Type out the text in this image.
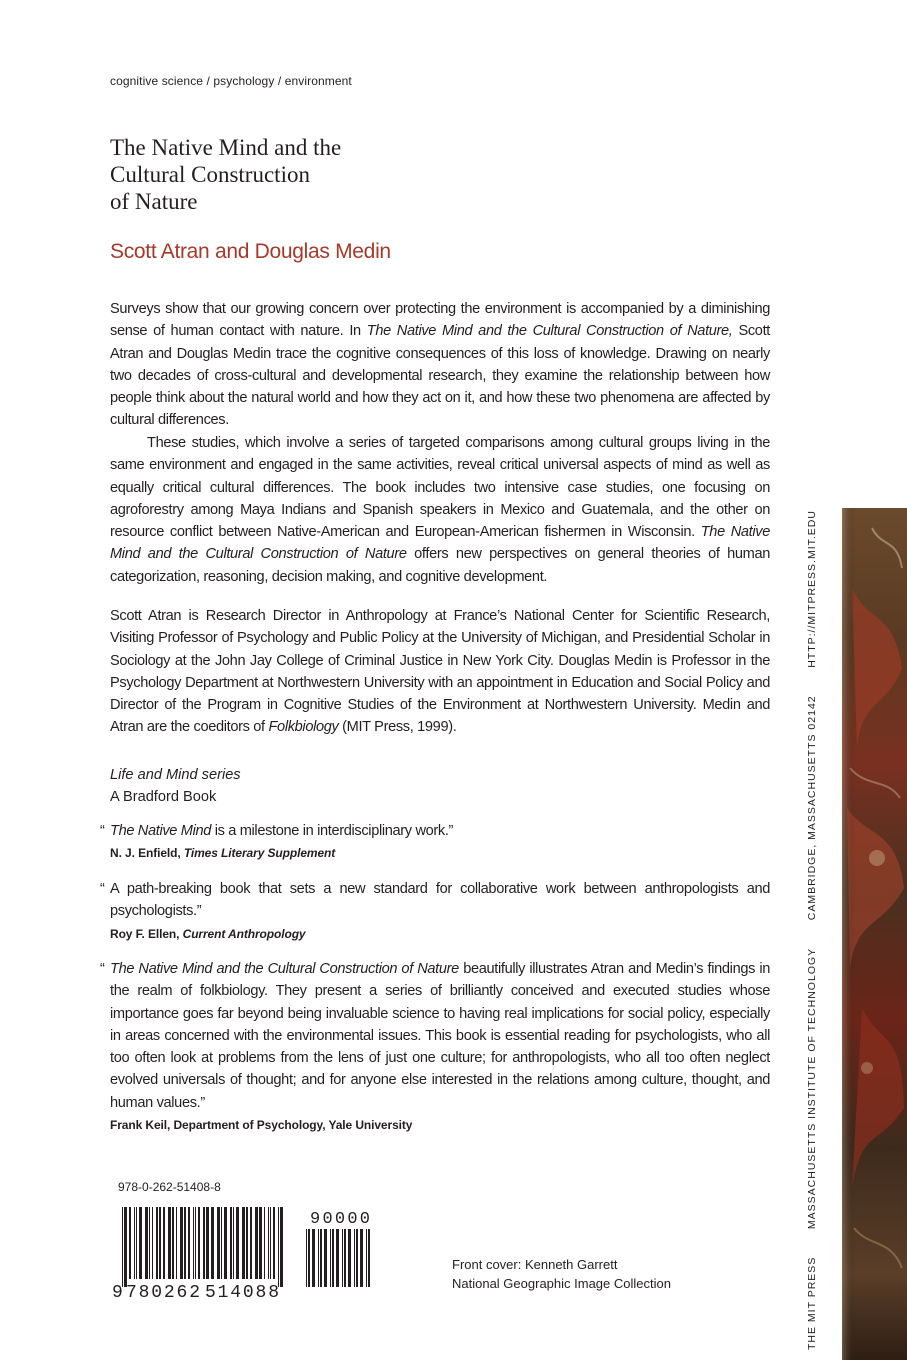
cognitive science / psychology / environment
The Native Mind and the
Cultural Construction
of Nature
Scott Atran and Douglas Medin
Surveys show that our growing concern over protecting the environment is accompanied by a diminishing sense of human contact with nature. In The Native Mind and the Cultural Construction of Nature, Scott Atran and Douglas Medin trace the cognitive consequences of this loss of knowledge. Drawing on nearly two decades of cross-cultural and developmental research, they examine the relationship between how people think about the natural world and how they act on it, and how these two phenomena are affected by cultural differences.
These studies, which involve a series of targeted comparisons among cultural groups living in the same environment and engaged in the same activities, reveal critical universal aspects of mind as well as equally critical cultural differences. The book includes two intensive case studies, one focusing on agroforestry among Maya Indians and Spanish speakers in Mexico and Guatemala, and the other on resource conflict between Native-American and European-American fishermen in Wisconsin. The Native Mind and the Cultural Construction of Nature offers new perspectives on general theories of human categorization, reasoning, decision making, and cognitive development.
Scott Atran is Research Director in Anthropology at France’s National Center for Scientific Research, Visiting Professor of Psychology and Public Policy at the University of Michigan, and Presidential Scholar in Sociology at the John Jay College of Criminal Justice in New York City. Douglas Medin is Professor in the Psychology Department at Northwestern University with an appointment in Education and Social Policy and Director of the Program in Cognitive Studies of the Environment at Northwestern University. Medin and Atran are the coeditors of Folkbiology (MIT Press, 1999).
Life and Mind series
A Bradford Book
“ The Native Mind is a milestone in interdisciplinary work.”
N. J. Enfield, Times Literary Supplement
“ A path-breaking book that sets a new standard for collaborative work between anthropologists and psychologists.”
Roy F. Ellen, Current Anthropology
“ The Native Mind and the Cultural Construction of Nature beautifully illustrates Atran and Medin’s findings in the realm of folkbiology. They present a series of brilliantly conceived and executed studies whose importance goes far beyond being invaluable science to having real implications for social policy, especially in areas concerned with the environmental issues. This book is essential reading for psychologists, who all too often look at problems from the lens of just one culture; for anthropologists, who all too often neglect evolved universals of thought; and for anyone else interested in the relations among culture, thought, and human values.”
Frank Keil, Department of Psychology, Yale University
978-0-262-51408-8
9 780262 514088
90000
Front cover: Kenneth Garrett
National Geographic Image Collection	THE MIT PRESS
MASSACHUSETTS INSTITUTE OF TECHNOLOGY
CAMBRIDGE, MASSACHUSETTS 02142
HTTP://MITPRESS.MIT.EDU
